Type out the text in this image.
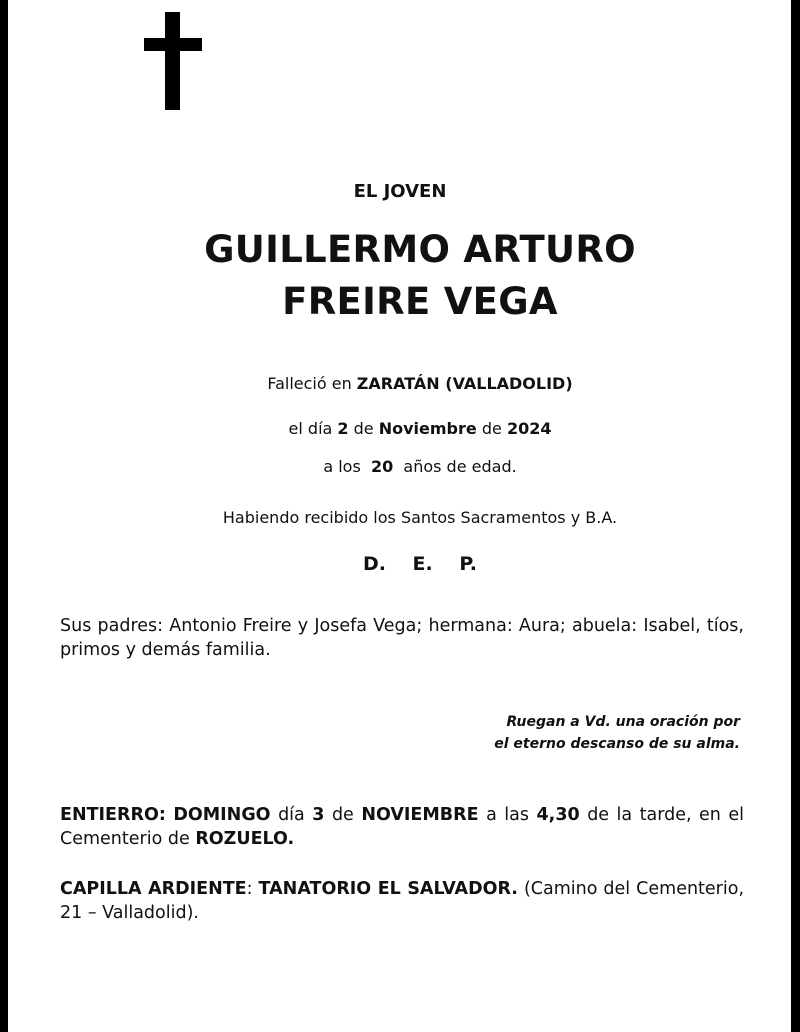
EL JOVEN
GUILLERMO ARTURO
FREIRE VEGA
Falleció en ZARATÁN (VALLADOLID)
el día 2 de Noviembre de 2024
a los 20 años de edad.
Habiendo recibido los Santos Sacramentos y B.A.
D. E. P.
Sus padres: Antonio Freire y Josefa Vega; hermana: Aura; abuela: Isabel, tíos, primos y demás familia.
Ruegan a Vd. una oración por
el eterno descanso de su alma.
ENTIERRO: DOMINGO día 3 de NOVIEMBRE a las 4,30 de la tarde, en el Cementerio de ROZUELO.
CAPILLA ARDIENTE: TANATORIO EL SALVADOR. (Camino del Cementerio, 21 – Valladolid).
